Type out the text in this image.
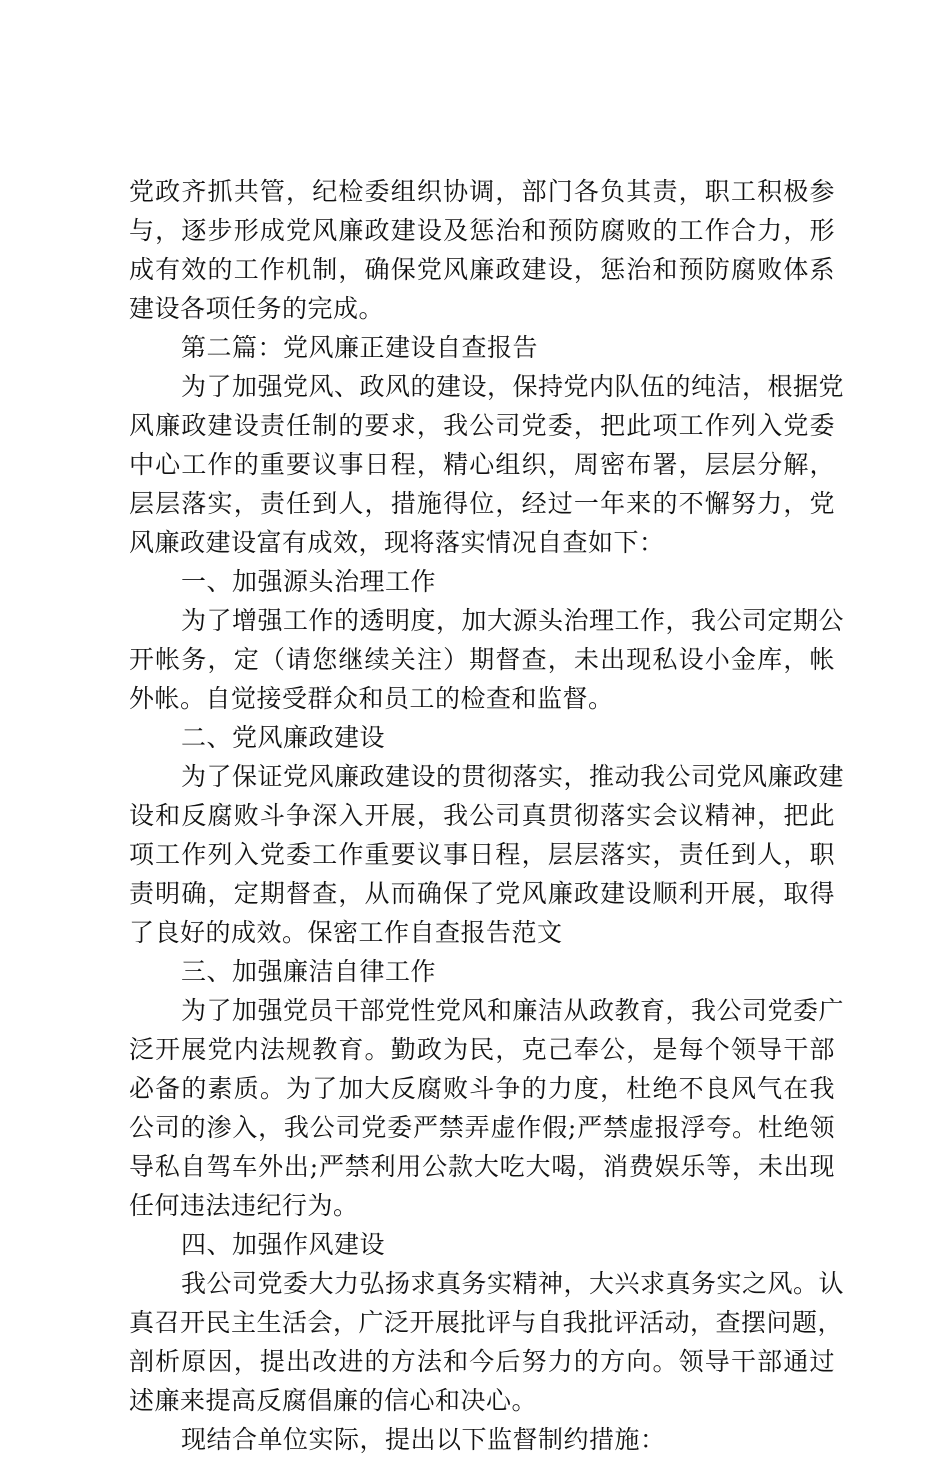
党政齐抓共管，纪检委组织协调，部门各负其责，职工积极参
与，逐步形成党风廉政建设及惩治和预防腐败的工作合力，形
成有效的工作机制，确保党风廉政建设，惩治和预防腐败体系
建设各项任务的完成。
第二篇：党风廉正建设自查报告
为了加强党风、政风的建设，保持党内队伍的纯洁，根据党
风廉政建设责任制的要求，我公司党委，把此项工作列入党委
中心工作的重要议事日程，精心组织，周密布署，层层分解，
层层落实，责任到人，措施得位，经过一年来的不懈努力，党
风廉政建设富有成效，现将落实情况自查如下：
一、加强源头治理工作
为了增强工作的透明度，加大源头治理工作，我公司定期公
开帐务，定（请您继续关注）期督查，未出现私设小金库，帐
外帐。自觉接受群众和员工的检查和监督。
二、党风廉政建设
为了保证党风廉政建设的贯彻落实，推动我公司党风廉政建
设和反腐败斗争深入开展，我公司真贯彻落实会议精神，把此
项工作列入党委工作重要议事日程，层层落实，责任到人，职
责明确，定期督查，从而确保了党风廉政建设顺利开展，取得
了良好的成效。保密工作自查报告范文
三、加强廉洁自律工作
为了加强党员干部党性党风和廉洁从政教育，我公司党委广
泛开展党内法规教育。勤政为民，克己奉公，是每个领导干部
必备的素质。为了加大反腐败斗争的力度，杜绝不良风气在我
公司的渗入，我公司党委严禁弄虚作假;严禁虚报浮夸。杜绝领
导私自驾车外出;严禁利用公款大吃大喝，消费娱乐等，未出现
任何违法违纪行为。
四、加强作风建设
我公司党委大力弘扬求真务实精神，大兴求真务实之风。认
真召开民主生活会，广泛开展批评与自我批评活动，查摆问题，
剖析原因，提出改进的方法和今后努力的方向。领导干部通过
述廉来提高反腐倡廉的信心和决心。
现结合单位实际，提出以下监督制约措施：
